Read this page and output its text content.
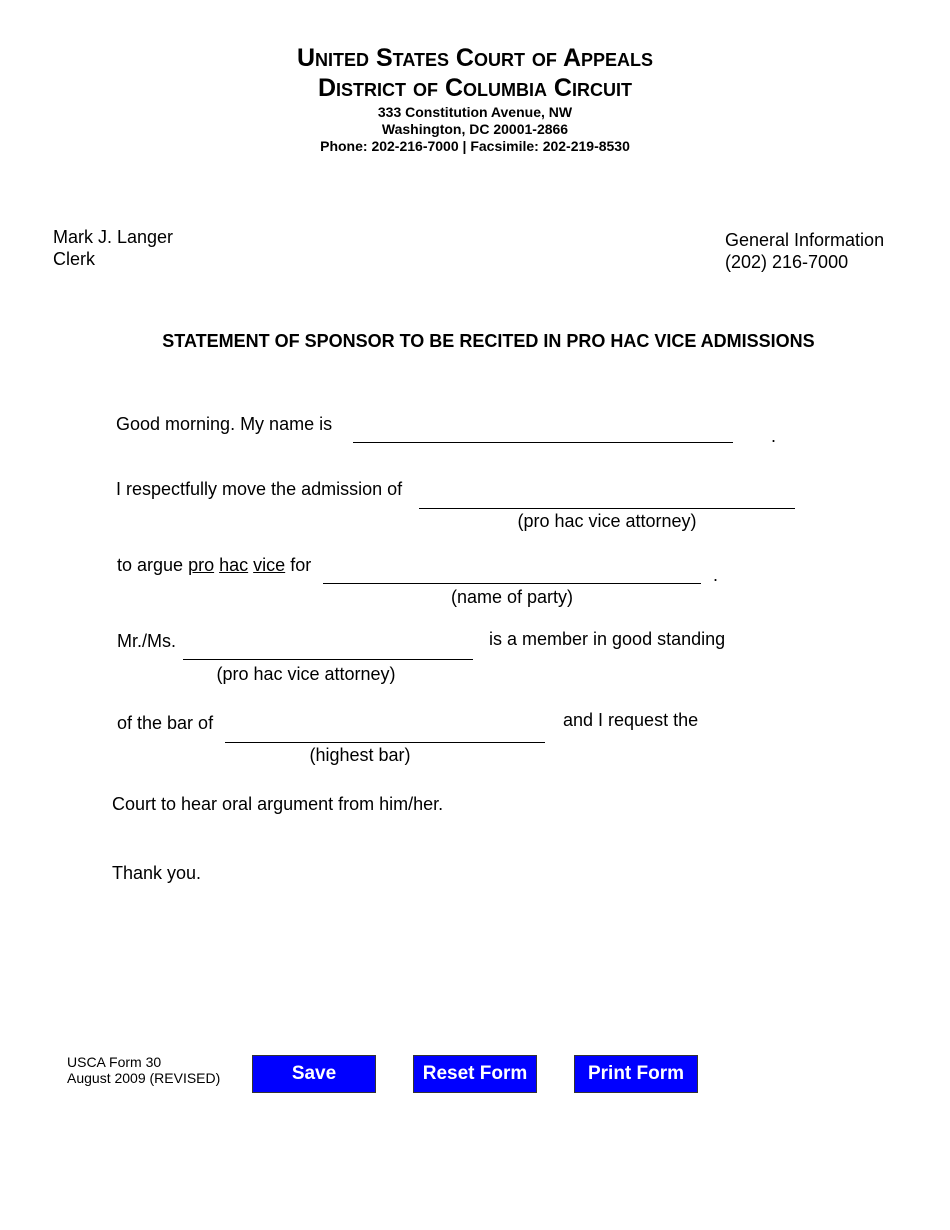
United States Court of Appeals
District of Columbia Circuit
333 Constitution Avenue, NW
Washington, DC 20001-2866
Phone: 202-216-7000 | Facsimile: 202-219-8530
Mark J. Langer
Clerk
General Information
(202) 216-7000
STATEMENT OF SPONSOR TO BE RECITED IN PRO HAC VICE ADMISSIONS
Good morning. My name is
.
I respectfully move the admission of
(pro hac vice attorney)
to argue pro hac vice for	.
(name of party)
Mr./Ms.	is a member in good standing
(pro hac vice attorney)
of the bar of	and I request the
(highest bar)
Court to hear oral argument from him/her.
Thank you.
USCA Form 30
August 2009 (REVISED)	Save	Reset Form	Print Form
